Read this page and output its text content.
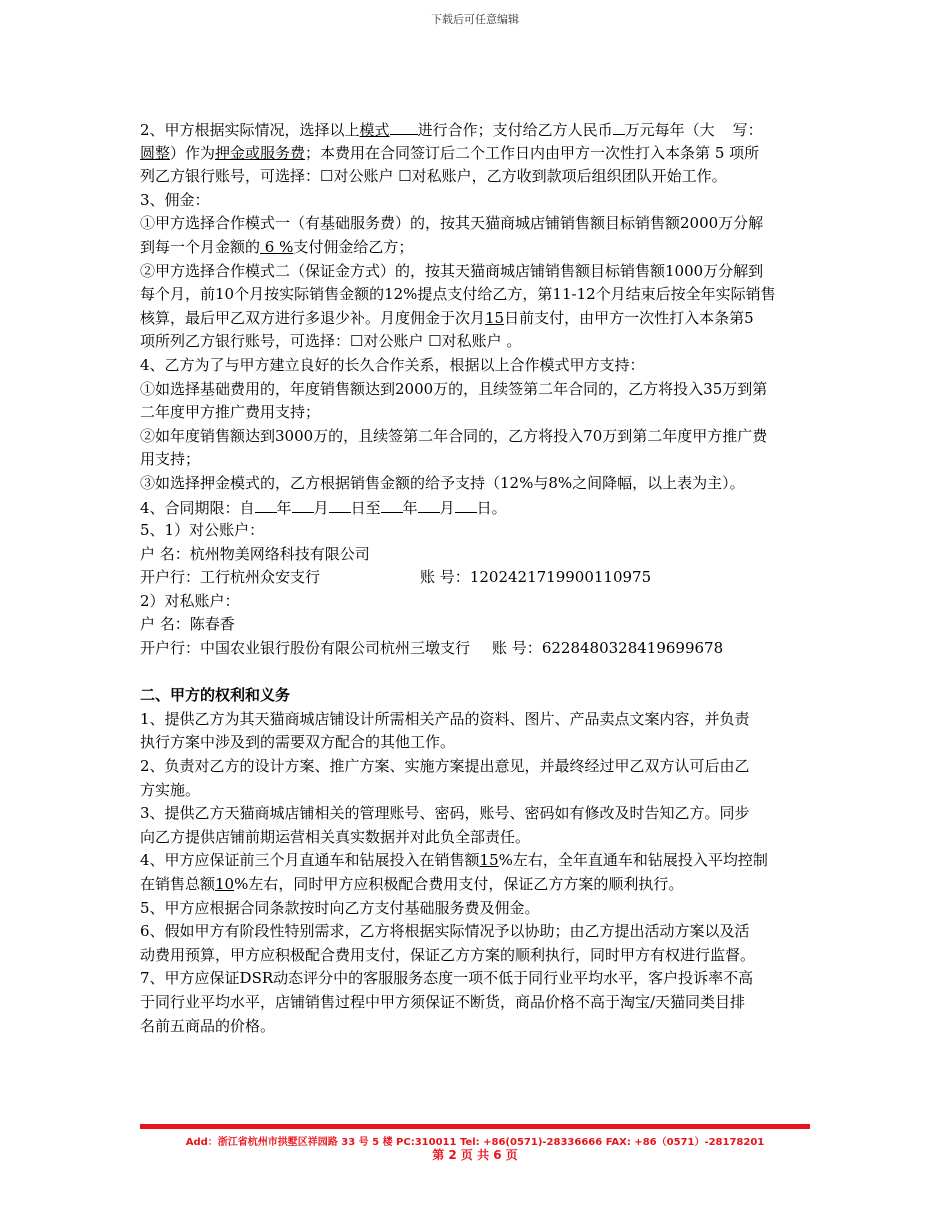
下载后可任意编辑
2、甲方根据实际情况，选择以上模式 进行合作；支付给乙方人民币 万元每年（大 写：
圆整）作为押金或服务费；本费用在合同签订后二个工作日内由甲方一次性打入本条第 5 项所
列乙方银行账号，可选择：☐对公账户 ☐对私账户，乙方收到款项后组织团队开始工作。
3、佣金：
①甲方选择合作模式一（有基础服务费）的，按其天猫商城店铺销售额目标销售额2000万分解
到每一个月金额的 6 %支付佣金给乙方；
②甲方选择合作模式二（保证金方式）的，按其天猫商城店铺销售额目标销售额1000万分解到
每个月，前10个月按实际销售金额的12%提点支付给乙方，第11-12个月结束后按全年实际销售
核算，最后甲乙双方进行多退少补。月度佣金于次月15日前支付，由甲方一次性打入本条第5
项所列乙方银行账号，可选择：☐对公账户 ☐对私账户 。
4、乙方为了与甲方建立良好的长久合作关系，根据以上合作模式甲方支持：
①如选择基础费用的，年度销售额达到2000万的，且续签第二年合同的，乙方将投入35万到第
二年度甲方推广费用支持；
②如年度销售额达到3000万的，且续签第二年合同的，乙方将投入70万到第二年度甲方推广费
用支持；
③如选择押金模式的，乙方根据销售金额的给予支持（12%与8%之间降幅，以上表为主）。
4、合同期限：自 年 月 日至 年 月 日。
5、1）对公账户：
户 名：杭州物美网络科技有限公司
开户行：工行杭州众安支行	账 号：1202421719900110975
2）对私账户：
户 名：陈春香
开户行：中国农业银行股份有限公司杭州三墩支行 账 号：6228480328419699678
二、甲方的权利和义务
1、提供乙方为其天猫商城店铺设计所需相关产品的资料、图片、产品卖点文案内容，并负责
执行方案中涉及到的需要双方配合的其他工作。
2、负责对乙方的设计方案、推广方案、实施方案提出意见，并最终经过甲乙双方认可后由乙
方实施。
3、提供乙方天猫商城店铺相关的管理账号、密码，账号、密码如有修改及时告知乙方。同步
向乙方提供店铺前期运营相关真实数据并对此负全部责任。
4、甲方应保证前三个月直通车和钻展投入在销售额15%左右，全年直通车和钻展投入平均控制
在销售总额10%左右，同时甲方应积极配合费用支付，保证乙方方案的顺利执行。
5、甲方应根据合同条款按时向乙方支付基础服务费及佣金。
6、假如甲方有阶段性特别需求，乙方将根据实际情况予以协助；由乙方提出活动方案以及活
动费用预算，甲方应积极配合费用支付，保证乙方方案的顺利执行，同时甲方有权进行监督。
7、甲方应保证DSR动态评分中的客服服务态度一项不低于同行业平均水平，客户投诉率不高
于同行业平均水平，店铺销售过程中甲方须保证不断货，商品价格不高于淘宝/天猫同类目排
名前五商品的价格。
Add：浙江省杭州市拱墅区祥园路 33 号 5 楼 PC:310011 Tel: +86(0571)-28336666 FAX: +86（0571）-28178201
第 2 页 共 6 页
